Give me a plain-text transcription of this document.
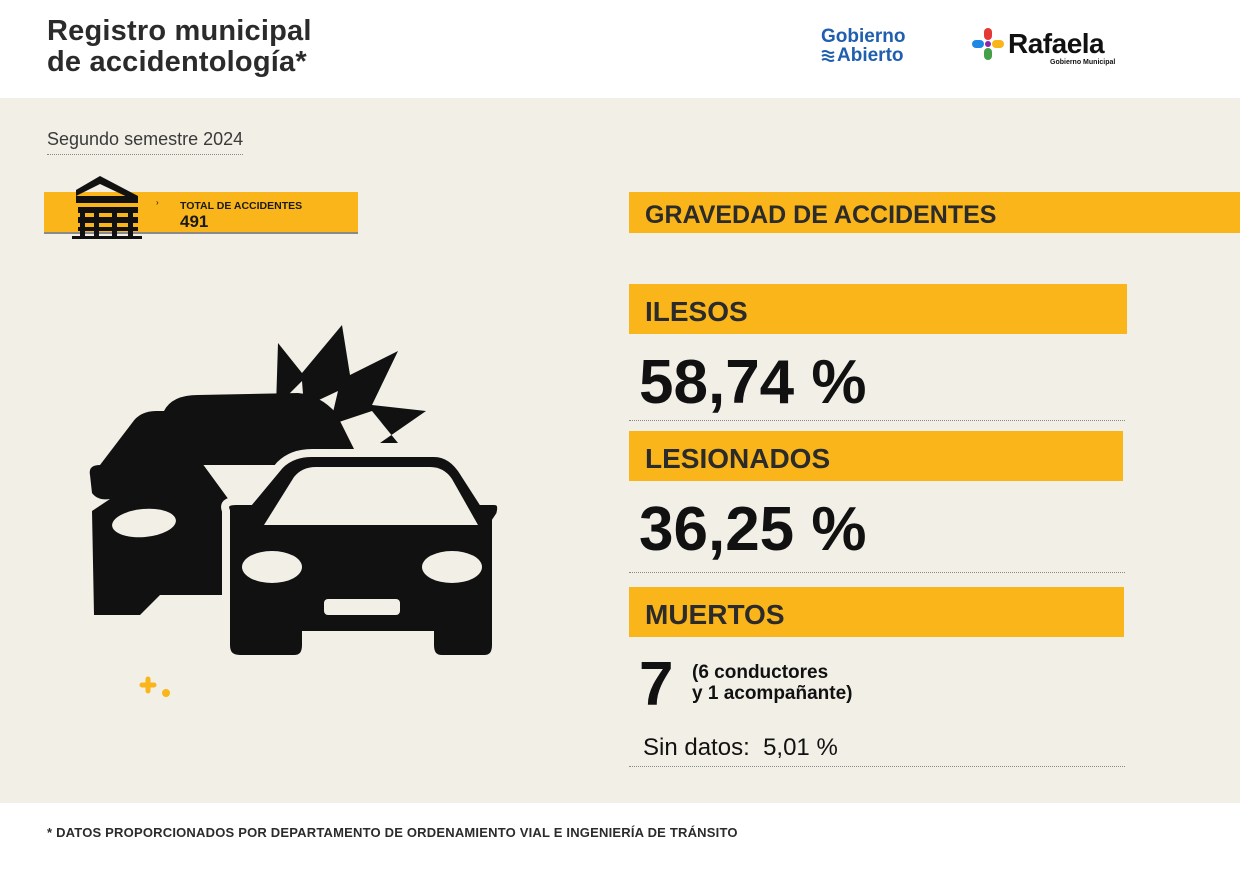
Registro municipal
de accidentología*
Gobierno
Abierto	Rafaela
Gobierno Municipal
Segundo semestre 2024
› TOTAL DE ACCIDENTES
491	GRAVEDAD DE ACCIDENTES
ILESOS
58,74 %
LESIONADOS
36,25 %
MUERTOS
7 (6 conductores
y 1 acompañante)
Sin datos:  5,01 %
* DATOS PROPORCIONADOS POR DEPARTAMENTO DE ORDENAMIENTO VIAL E INGENIERÍA DE TRÁNSITO
